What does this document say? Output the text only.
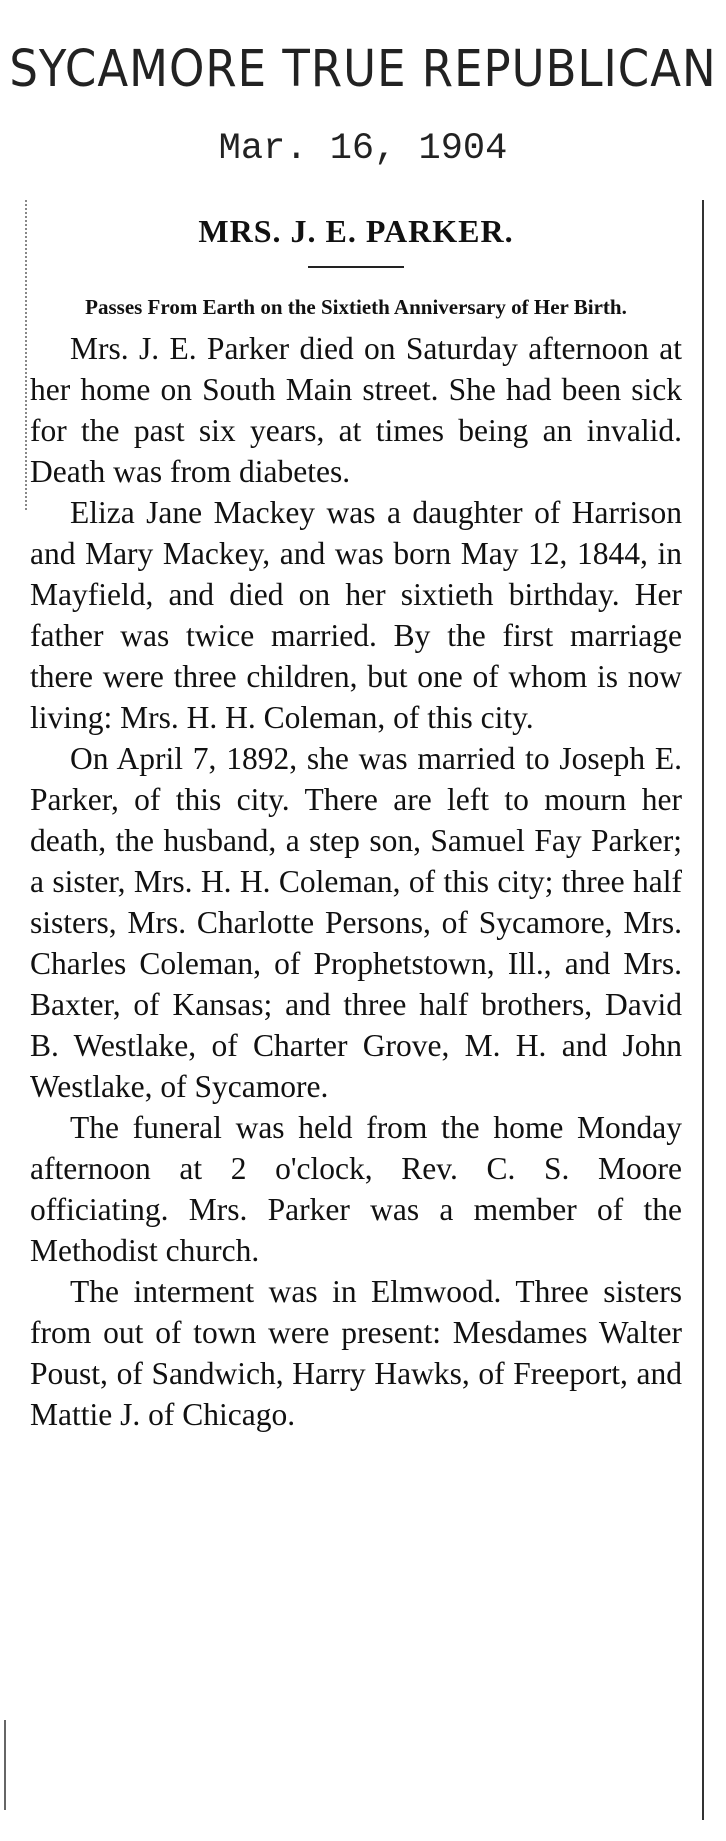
SYCAMORE TRUE REPUBLICAN
Mar. 16, 1904
MRS. J. E. PARKER.

Passes From Earth on the Sixtieth Anniversary of Her Birth.

Mrs. J. E. Parker died on Saturday afternoon at her home on South Main street. She had been sick for the past six years, at times being an invalid. Death was from diabetes.

Eliza Jane Mackey was a daughter of Harrison and Mary Mackey, and was born May 12, 1844, in Mayfield, and died on her sixtieth birthday. Her father was twice married. By the first marriage there were three children, but one of whom is now living: Mrs. H. H. Coleman, of this city.

On April 7, 1892, she was married to Joseph E. Parker, of this city. There are left to mourn her death, the husband, a step son, Samuel Fay Parker; a sister, Mrs. H. H. Coleman, of this city; three half sisters, Mrs. Charlotte Persons, of Sycamore, Mrs. Charles Coleman, of Prophetstown, Ill., and Mrs. Baxter, of Kansas; and three half brothers, David B. Westlake, of Charter Grove, M. H. and John Westlake, of Sycamore.

The funeral was held from the home Monday afternoon at 2 o'clock, Rev. C. S. Moore officiating. Mrs. Parker was a member of the Methodist church.

The interment was in Elmwood. Three sisters from out of town were present: Mesdames Walter Poust, of Sandwich, Harry Hawks, of Freeport, and Mattie J. of Chicago.
